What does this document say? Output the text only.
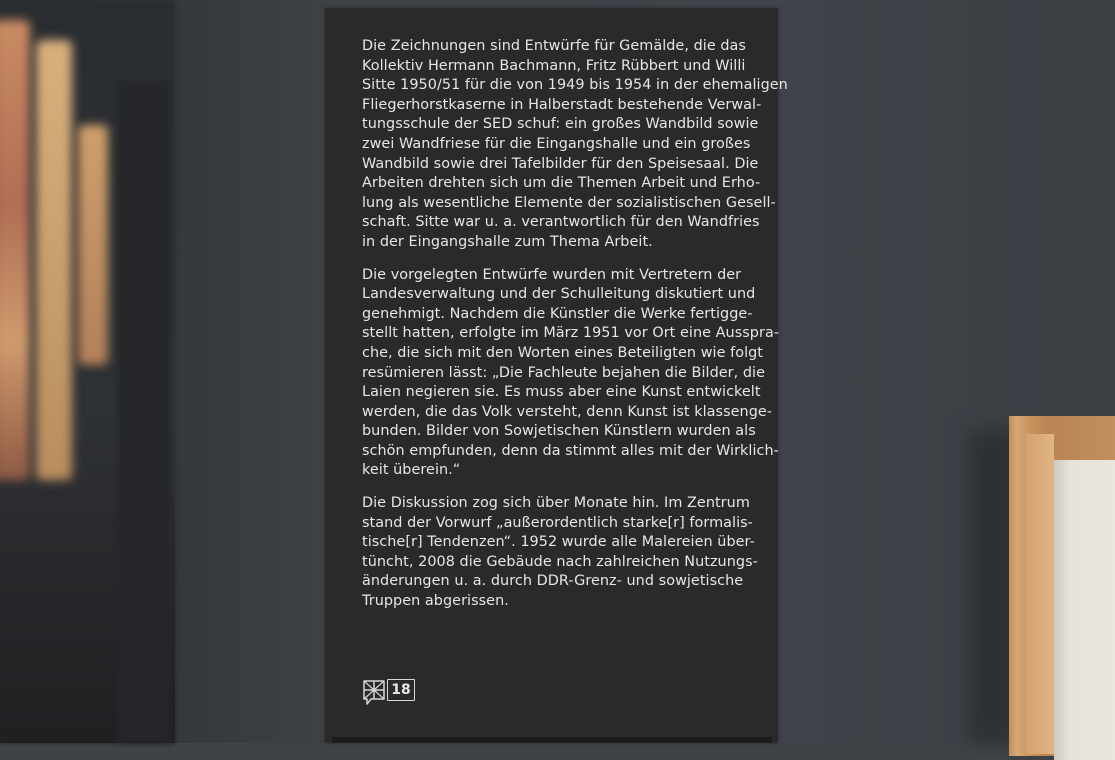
Die Zeichnungen sind Entwürfe für Gemälde, die das
Kollektiv Hermann Bachmann, Fritz Rübbert und Willi
Sitte 1950/51 für die von 1949 bis 1954 in der ehemaligen
Fliegerhorstkaserne in Halberstadt bestehende Verwal-
tungsschule der SED schuf: ein großes Wandbild sowie
zwei Wandfriese für die Eingangshalle und ein großes
Wandbild sowie drei Tafelbilder für den Speisesaal. Die
Arbeiten drehten sich um die Themen Arbeit und Erho-
lung als wesentliche Elemente der sozialistischen Gesell-
schaft. Sitte war u. a. verantwortlich für den Wandfries
in der Eingangshalle zum Thema Arbeit.

Die vorgelegten Entwürfe wurden mit Vertretern der
Landesverwaltung und der Schulleitung diskutiert und
genehmigt. Nachdem die Künstler die Werke fertigge-
stellt hatten, erfolgte im März 1951 vor Ort eine Ausspra-
che, die sich mit den Worten eines Beteiligten wie folgt
resümieren lässt: „Die Fachleute bejahen die Bilder, die
Laien negieren sie. Es muss aber eine Kunst entwickelt
werden, die das Volk versteht, denn Kunst ist klassenge-
bunden. Bilder von Sowjetischen Künstlern wurden als
schön empfunden, denn da stimmt alles mit der Wirklich-
keit überein.“

Die Diskussion zog sich über Monate hin. Im Zentrum
stand der Vorwurf „außerordentlich starke[r] formalis-
tische[r] Tendenzen“. 1952 wurde alle Malereien über-
tüncht, 2008 die Gebäude nach zahlreichen Nutzungs-
änderungen u. a. durch DDR-Grenz- und sowjetische
Truppen abgerissen.

18
